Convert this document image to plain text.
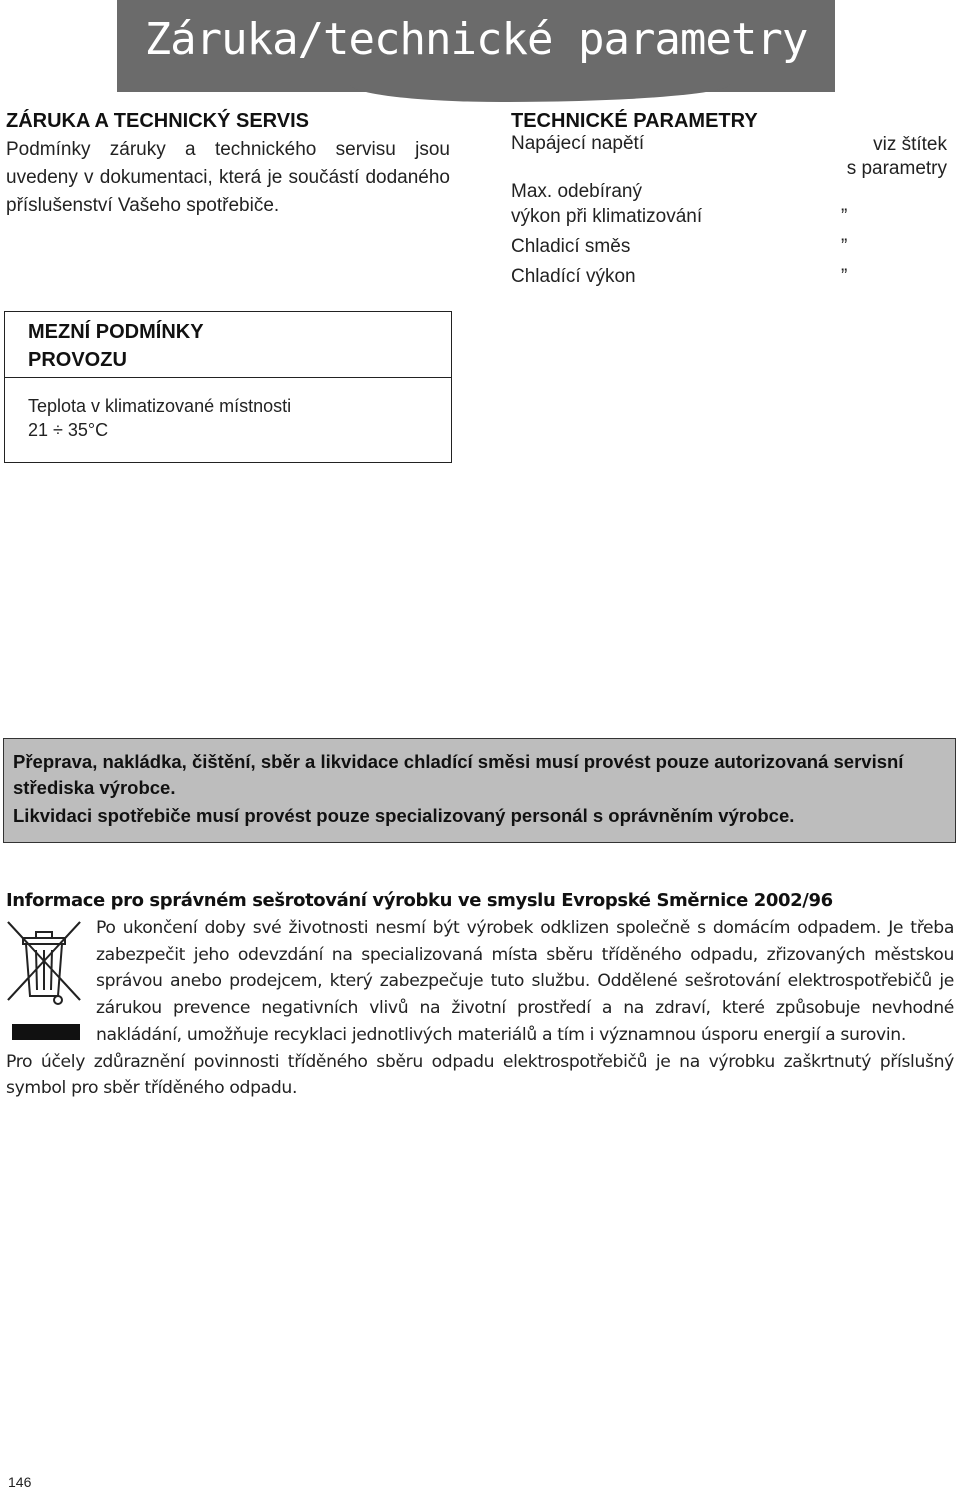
Záruka/technické parametry
ZÁRUKA A TECHNICKÝ SERVIS
Podmínky záruky a technického servisu jsou uvedeny v dokumentaci, která je součástí dodaného příslušenství Vašeho spotřebiče.
TECHNICKÉ PARAMETRY
Napájecí napětí	viz štítek
s parametry
Max. odebíraný
výkon při klimatizování	”
Chladicí směs	”
Chladící výkon	”
MEZNÍ PODMÍNKY
PROVOZU
Teplota v klimatizované místnosti
21 ÷ 35°C

Přeprava, nakládka, čištění, sběr a likvidace chladící směsi musí provést pouze autorizovaná servisní střediska výrobce.

Likvidaci spotřebiče musí provést pouze specializovaný personál s oprávněním výrobce.

Informace pro správném sešrotování výrobku ve smyslu Evropské Směrnice 2002/96
Po ukončení doby své životnosti nesmí být výrobek odklizen společně s domácím odpadem. Je třeba zabezpečit jeho odevzdání na specializovaná místa sběru tříděného odpadu, zřizovaných městskou správou anebo prodejcem, který zabezpečuje tuto službu. Oddělené sešrotování elektrospotřebičů je zárukou prevence negativních vlivů na životní prostředí a na zdraví, které způsobuje nevhodné nakládání, umožňuje recyklaci jednotlivých materiálů a tím i významnou úsporu energií a surovin.
Pro účely zdůraznění povinnosti tříděného sběru odpadu elektrospotřebičů je na výrobku zaškrtnutý příslušný symbol pro sběr tříděného odpadu.
146
